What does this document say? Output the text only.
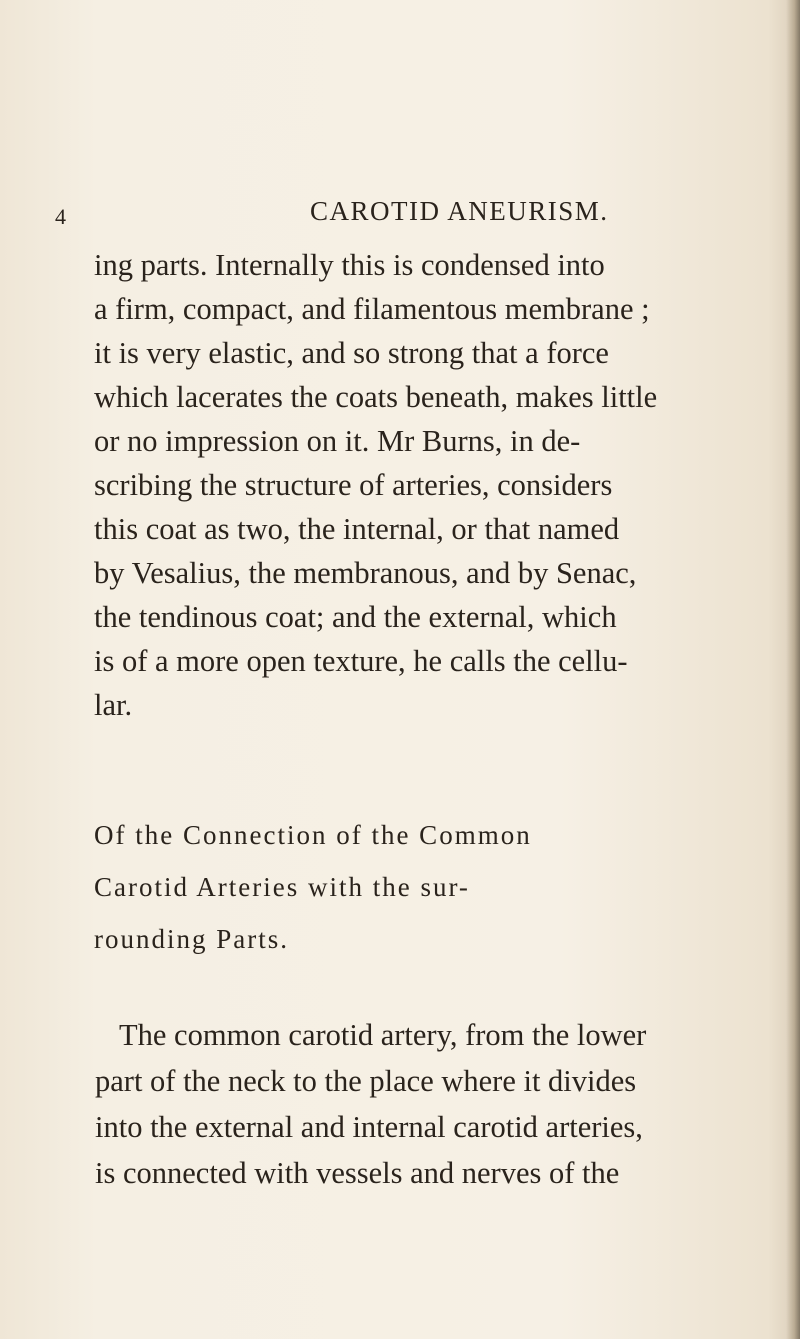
4	CAROTID ANEURISM.
ing parts. Internally this is condensed into
a firm, compact, and filamentous membrane ;
it is very elastic, and so strong that a force
which lacerates the coats beneath, makes little
or no impression on it. Mr Burns, in de-
scribing the structure of arteries, considers
this coat as two, the internal, or that named
by Vesalius, the membranous, and by Senac,
the tendinous coat; and the external, which
is of a more open texture, he calls the cellu-
lar.
Of the Connection of the Common
Carotid Arteries with the sur-
rounding Parts.
The common carotid artery, from the lower
part of the neck to the place where it divides
into the external and internal carotid arteries,
is connected with vessels and nerves of the
